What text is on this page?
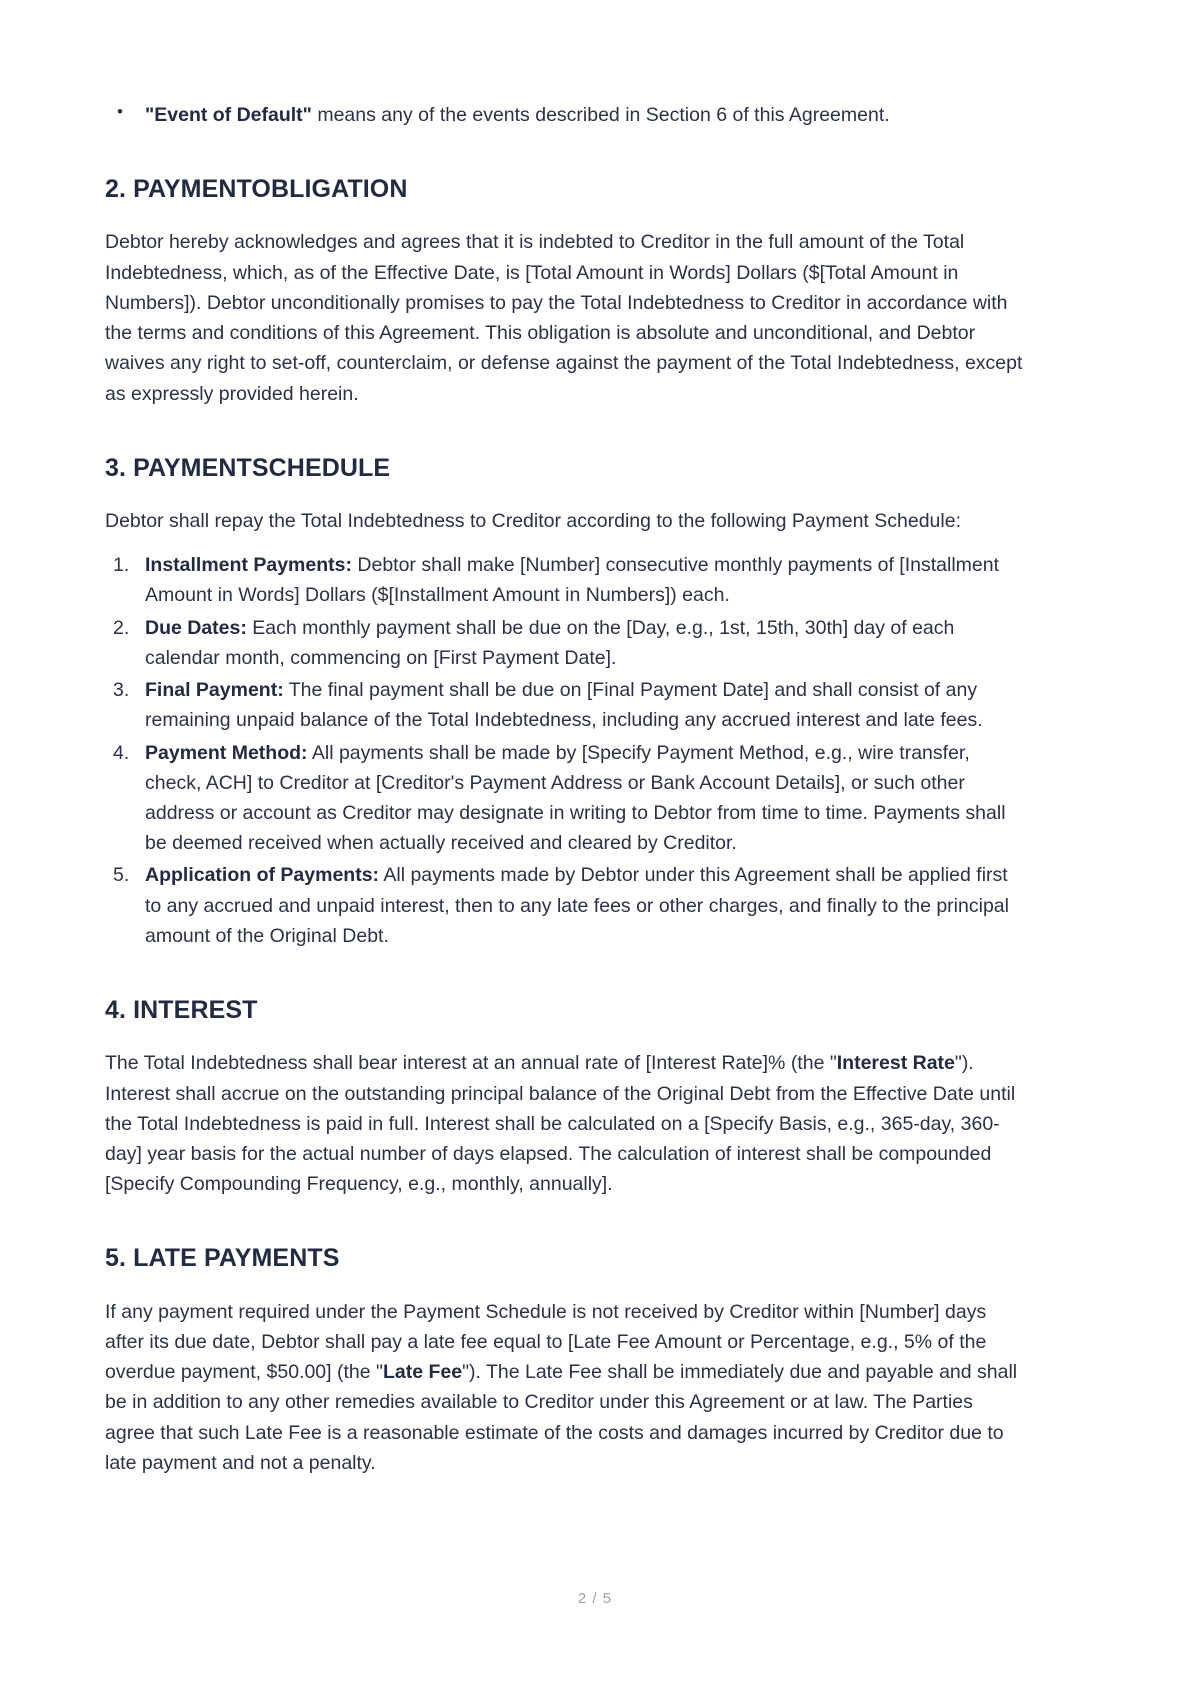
• "Event of Default" means any of the events described in Section 6 of this Agreement.
2. PAYMENTOBLIGATION

Debtor hereby acknowledges and agrees that it is indebted to Creditor in the full amount of the Total Indebtedness, which, as of the Effective Date, is [Total Amount in Words] Dollars ($[Total Amount in Numbers]). Debtor unconditionally promises to pay the Total Indebtedness to Creditor in accordance with the terms and conditions of this Agreement. This obligation is absolute and unconditional, and Debtor waives any right to set-off, counterclaim, or defense against the payment of the Total Indebtedness, except as expressly provided herein.

3. PAYMENTSCHEDULE

Debtor shall repay the Total Indebtedness to Creditor according to the following Payment Schedule:

Installment Payments: Debtor shall make [Number] consecutive monthly payments of [Installment Amount in Words] Dollars ($[Installment Amount in Numbers]) each.
Due Dates: Each monthly payment shall be due on the [Day, e.g., 1st, 15th, 30th] day of each calendar month, commencing on [First Payment Date].
Final Payment: The final payment shall be due on [Final Payment Date] and shall consist of any remaining unpaid balance of the Total Indebtedness, including any accrued interest and late fees.
Payment Method: All payments shall be made by [Specify Payment Method, e.g., wire transfer, check, ACH] to Creditor at [Creditor's Payment Address or Bank Account Details], or such other address or account as Creditor may designate in writing to Debtor from time to time. Payments shall be deemed received when actually received and cleared by Creditor.
Application of Payments: All payments made by Debtor under this Agreement shall be applied first to any accrued and unpaid interest, then to any late fees or other charges, and finally to the principal amount of the Original Debt.
4. INTEREST

The Total Indebtedness shall bear interest at an annual rate of [Interest Rate]% (the "Interest Rate"). Interest shall accrue on the outstanding principal balance of the Original Debt from the Effective Date until the Total Indebtedness is paid in full. Interest shall be calculated on a [Specify Basis, e.g., 365-day, 360-day] year basis for the actual number of days elapsed. The calculation of interest shall be compounded [Specify Compounding Frequency, e.g., monthly, annually].

5. LATE PAYMENTS

If any payment required under the Payment Schedule is not received by Creditor within [Number] days after its due date, Debtor shall pay a late fee equal to [Late Fee Amount or Percentage, e.g., 5% of the overdue payment, $50.00] (the "Late Fee"). The Late Fee shall be immediately due and payable and shall be in addition to any other remedies available to Creditor under this Agreement or at law. The Parties agree that such Late Fee is a reasonable estimate of the costs and damages incurred by Creditor due to late payment and not a penalty.

2 / 5
